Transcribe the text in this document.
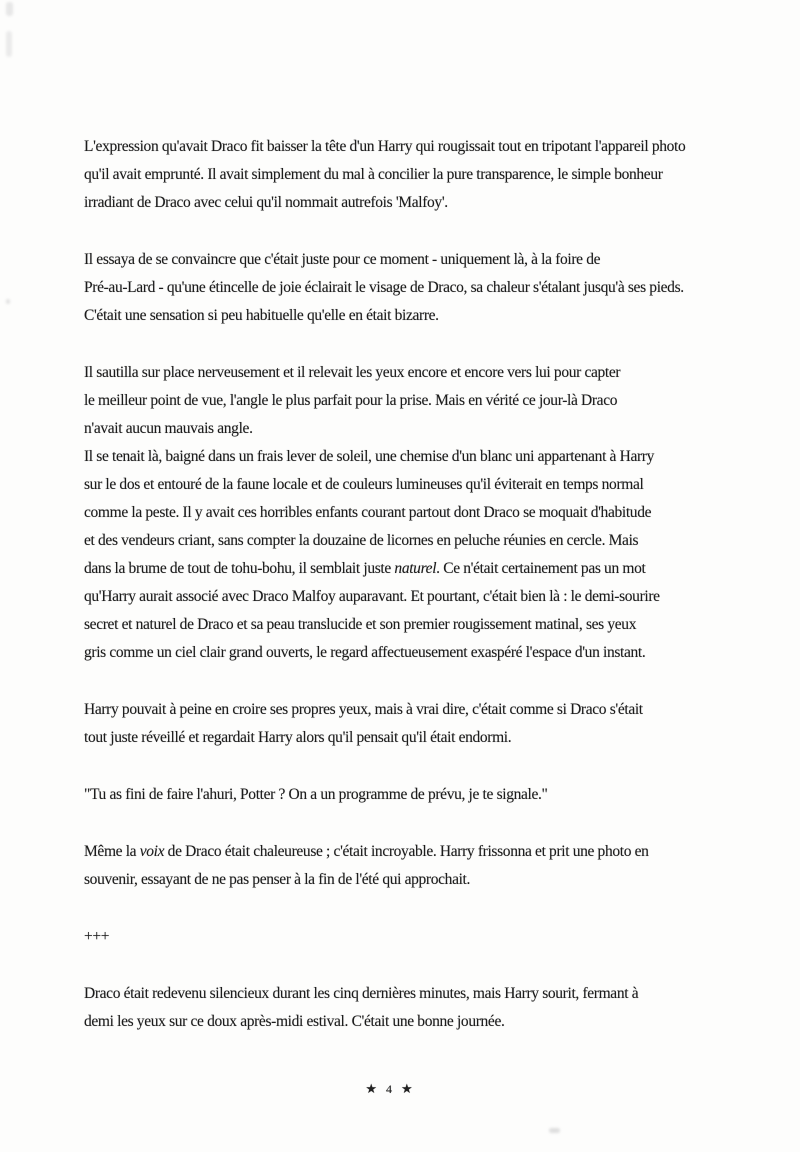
L'expression qu'avait Draco fit baisser la tête d'un Harry qui rougissait tout en tripotant l'appareil photo
qu'il avait emprunté. Il avait simplement du mal à concilier la pure transparence, le simple bonheur
irradiant de Draco avec celui qu'il nommait autrefois 'Malfoy'.
Il essaya de se convaincre que c'était juste pour ce moment - uniquement là, à la foire de
Pré-au-Lard - qu'une étincelle de joie éclairait le visage de Draco, sa chaleur s'étalant jusqu'à ses pieds.
C'était une sensation si peu habituelle qu'elle en était bizarre.
Il sautilla sur place nerveusement et il relevait les yeux encore et encore vers lui pour capter
le meilleur point de vue, l'angle le plus parfait pour la prise. Mais en vérité ce jour-là Draco
n'avait aucun mauvais angle.
Il se tenait là, baigné dans un frais lever de soleil, une chemise d'un blanc uni appartenant à Harry
sur le dos et entouré de la faune locale et de couleurs lumineuses qu'il éviterait en temps normal
comme la peste. Il y avait ces horribles enfants courant partout dont Draco se moquait d'habitude
et des vendeurs criant, sans compter la douzaine de licornes en peluche réunies en cercle. Mais
dans la brume de tout de tohu-bohu, il semblait juste naturel. Ce n'était certainement pas un mot
qu'Harry aurait associé avec Draco Malfoy auparavant. Et pourtant, c'était bien là : le demi-sourire
secret et naturel de Draco et sa peau translucide et son premier rougissement matinal, ses yeux
gris comme un ciel clair grand ouverts, le regard affectueusement exaspéré l'espace d'un instant.
Harry pouvait à peine en croire ses propres yeux, mais à vrai dire, c'était comme si Draco s'était
tout juste réveillé et regardait Harry alors qu'il pensait qu'il était endormi.
"Tu as fini de faire l'ahuri, Potter ? On a un programme de prévu, je te signale."
Même la voix de Draco était chaleureuse ; c'était incroyable. Harry frissonna et prit une photo en
souvenir, essayant de ne pas penser à la fin de l'été qui approchait.
+++
Draco était redevenu silencieux durant les cinq dernières minutes, mais Harry sourit, fermant à
demi les yeux sur ce doux après-midi estival. C'était une bonne journée.
★ 4 ★
